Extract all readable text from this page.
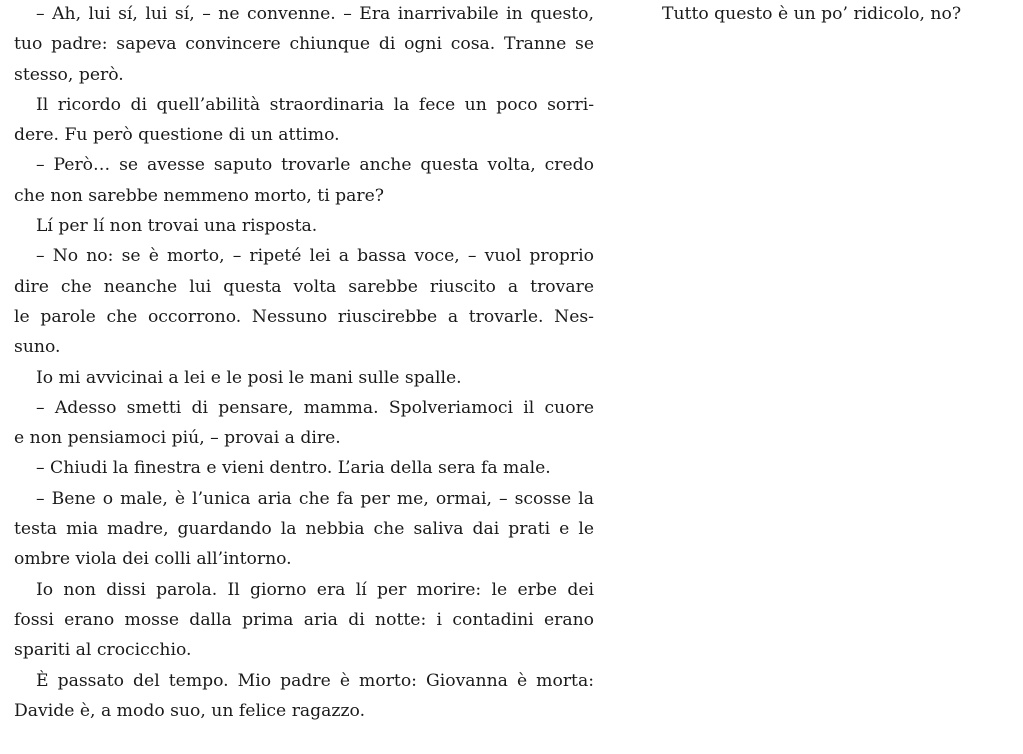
– Ah, lui sí, lui sí, – ne convenne. – Era inarrivabile in questo,
tuo padre: sapeva convincere chiunque di ogni cosa. Tranne se
stesso, però.
Il ricordo di quell’abilità straordinaria la fece un poco sorri-
dere. Fu però questione di un attimo.
– Però… se avesse saputo trovarle anche questa volta, credo
che non sarebbe nemmeno morto, ti pare?
Lí per lí non trovai una risposta.
– No no: se è morto, – ripeté lei a bassa voce, – vuol proprio
dire che neanche lui questa volta sarebbe riuscito a trovare
le parole che occorrono. Nessuno riuscirebbe a trovarle. Nes-
suno.
Io mi avvicinai a lei e le posi le mani sulle spalle.
– Adesso smetti di pensare, mamma. Spolveriamoci il cuore
e non pensiamoci piú, – provai a dire.
– Chiudi la finestra e vieni dentro. L’aria della sera fa male.
– Bene o male, è l’unica aria che fa per me, ormai, – scosse la
testa mia madre, guardando la nebbia che saliva dai prati e le
ombre viola dei colli all’intorno.
Io non dissi parola. Il giorno era lí per morire: le erbe dei
fossi erano mosse dalla prima aria di notte: i contadini erano
spariti al crocicchio.
È passato del tempo. Mio padre è morto: Giovanna è morta:
Davide è, a modo suo, un felice ragazzo.
Tutto questo è un po’ ridicolo, no?
